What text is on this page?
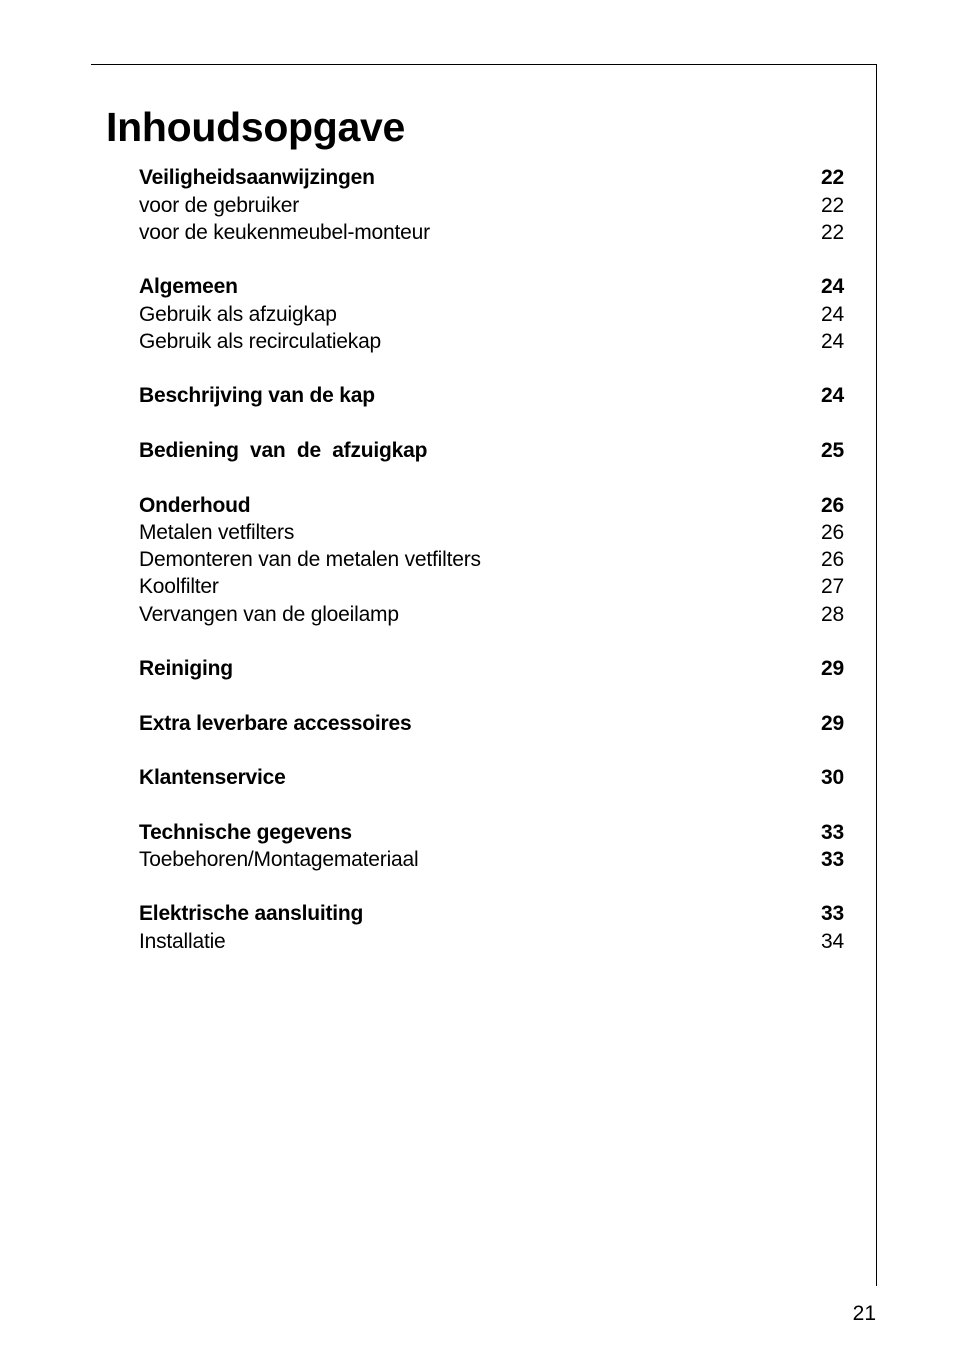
Inhoudsopgave
Veiligheidsaanwijzingen	22
voor de gebruiker	22
voor de keukenmeubel-monteur	22
Algemeen	24
Gebruik als afzuigkap	24
Gebruik als recirculatiekap	24
Beschrijving van de kap	24
Bediening  van  de  afzuigkap	25
Onderhoud	26
Metalen vetfilters	26
Demonteren van de metalen vetfilters	26
Koolfilter	27
Vervangen van de gloeilamp	28
Reiniging	29
Extra leverbare accessoires	29
Klantenservice	30
Technische gegevens	33
Toebehoren/Montagemateriaal	33
Elektrische aansluiting	33
Installatie	34
21
